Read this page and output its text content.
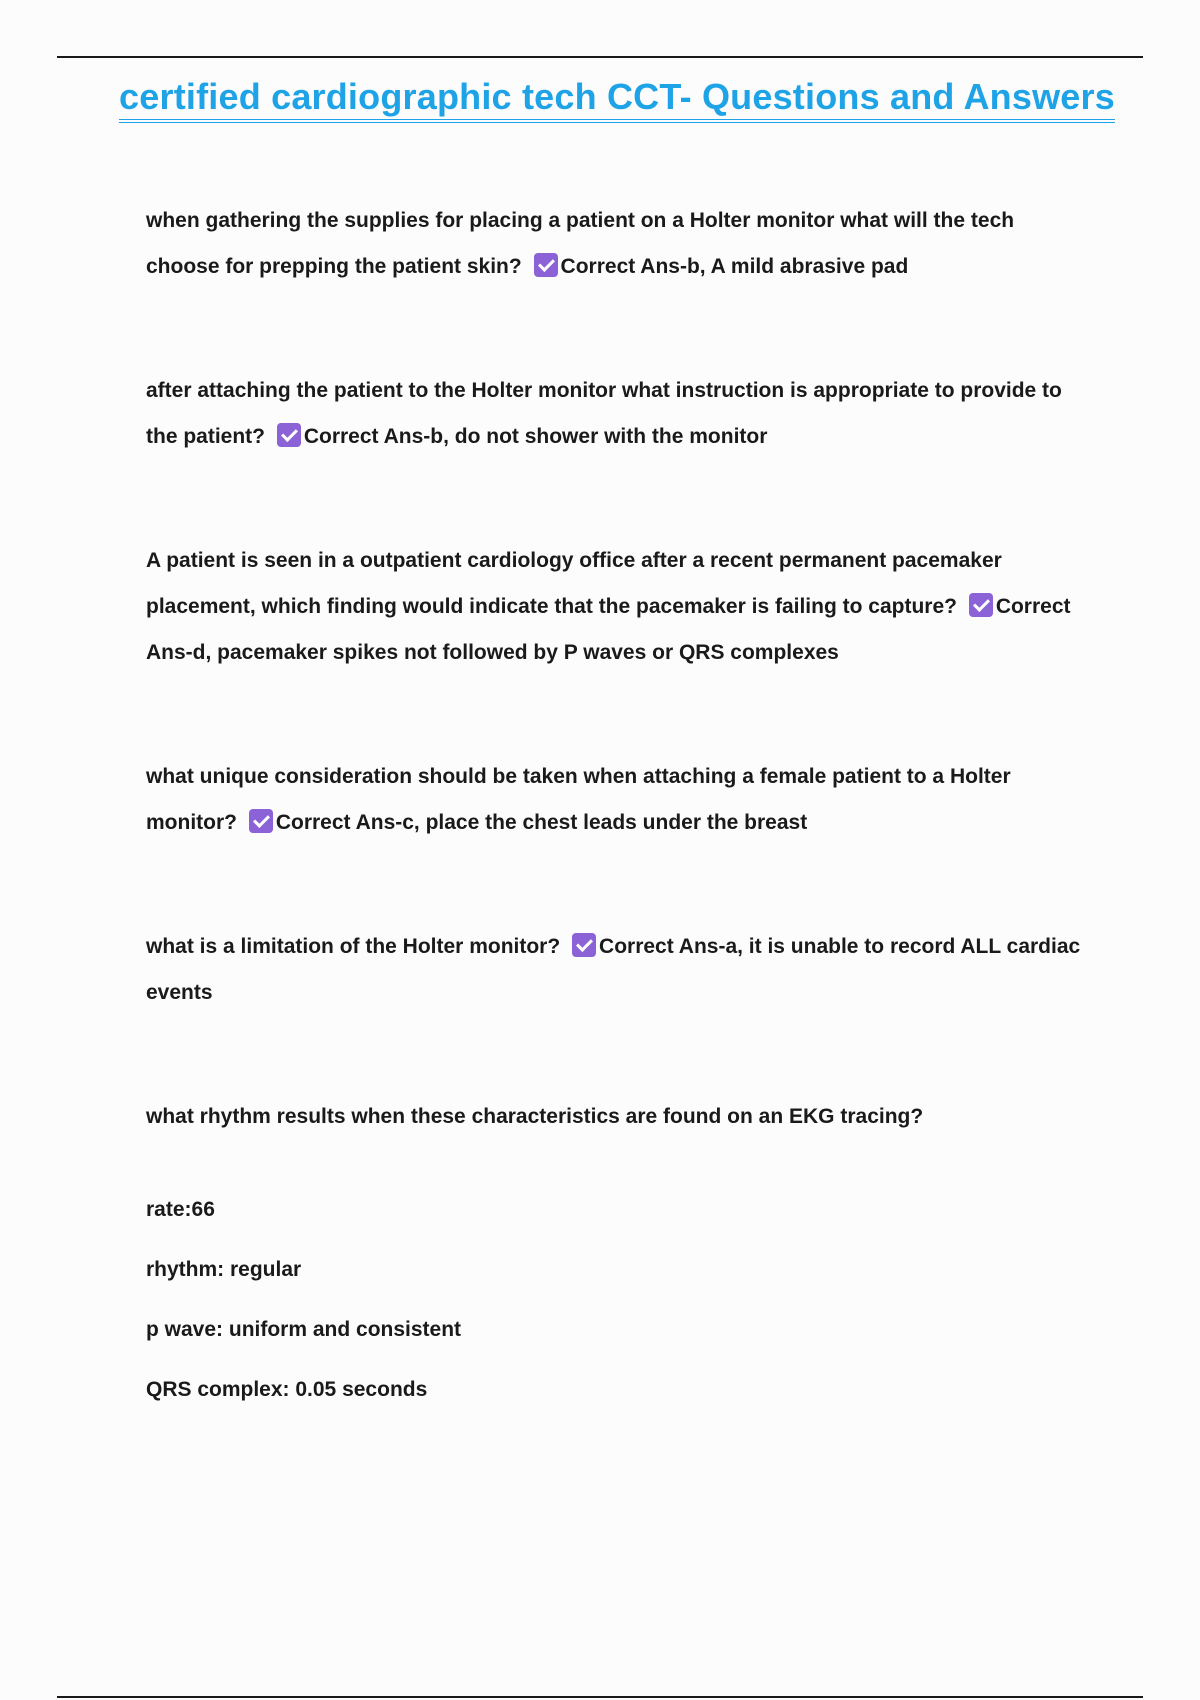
certified cardiographic tech CCT- Questions and Answers
when gathering the supplies for placing a patient on a Holter monitor what will the tech choose for prepping the patient skin? Correct Ans-b, A mild abrasive pad
after attaching the patient to the Holter monitor what instruction is appropriate to provide to the patient? Correct Ans-b, do not shower with the monitor
A patient is seen in a outpatient cardiology office after a recent permanent pacemaker placement, which finding would indicate that the pacemaker is failing to capture? Correct Ans-d, pacemaker spikes not followed by P waves or QRS complexes
what unique consideration should be taken when attaching a female patient to a Holter monitor? Correct Ans-c, place the chest leads under the breast
what is a limitation of the Holter monitor? Correct Ans-a, it is unable to record ALL cardiac events
what rhythm results when these characteristics are found on an EKG tracing?
rate:66
rhythm: regular
p wave: uniform and consistent
QRS complex: 0.05 seconds
